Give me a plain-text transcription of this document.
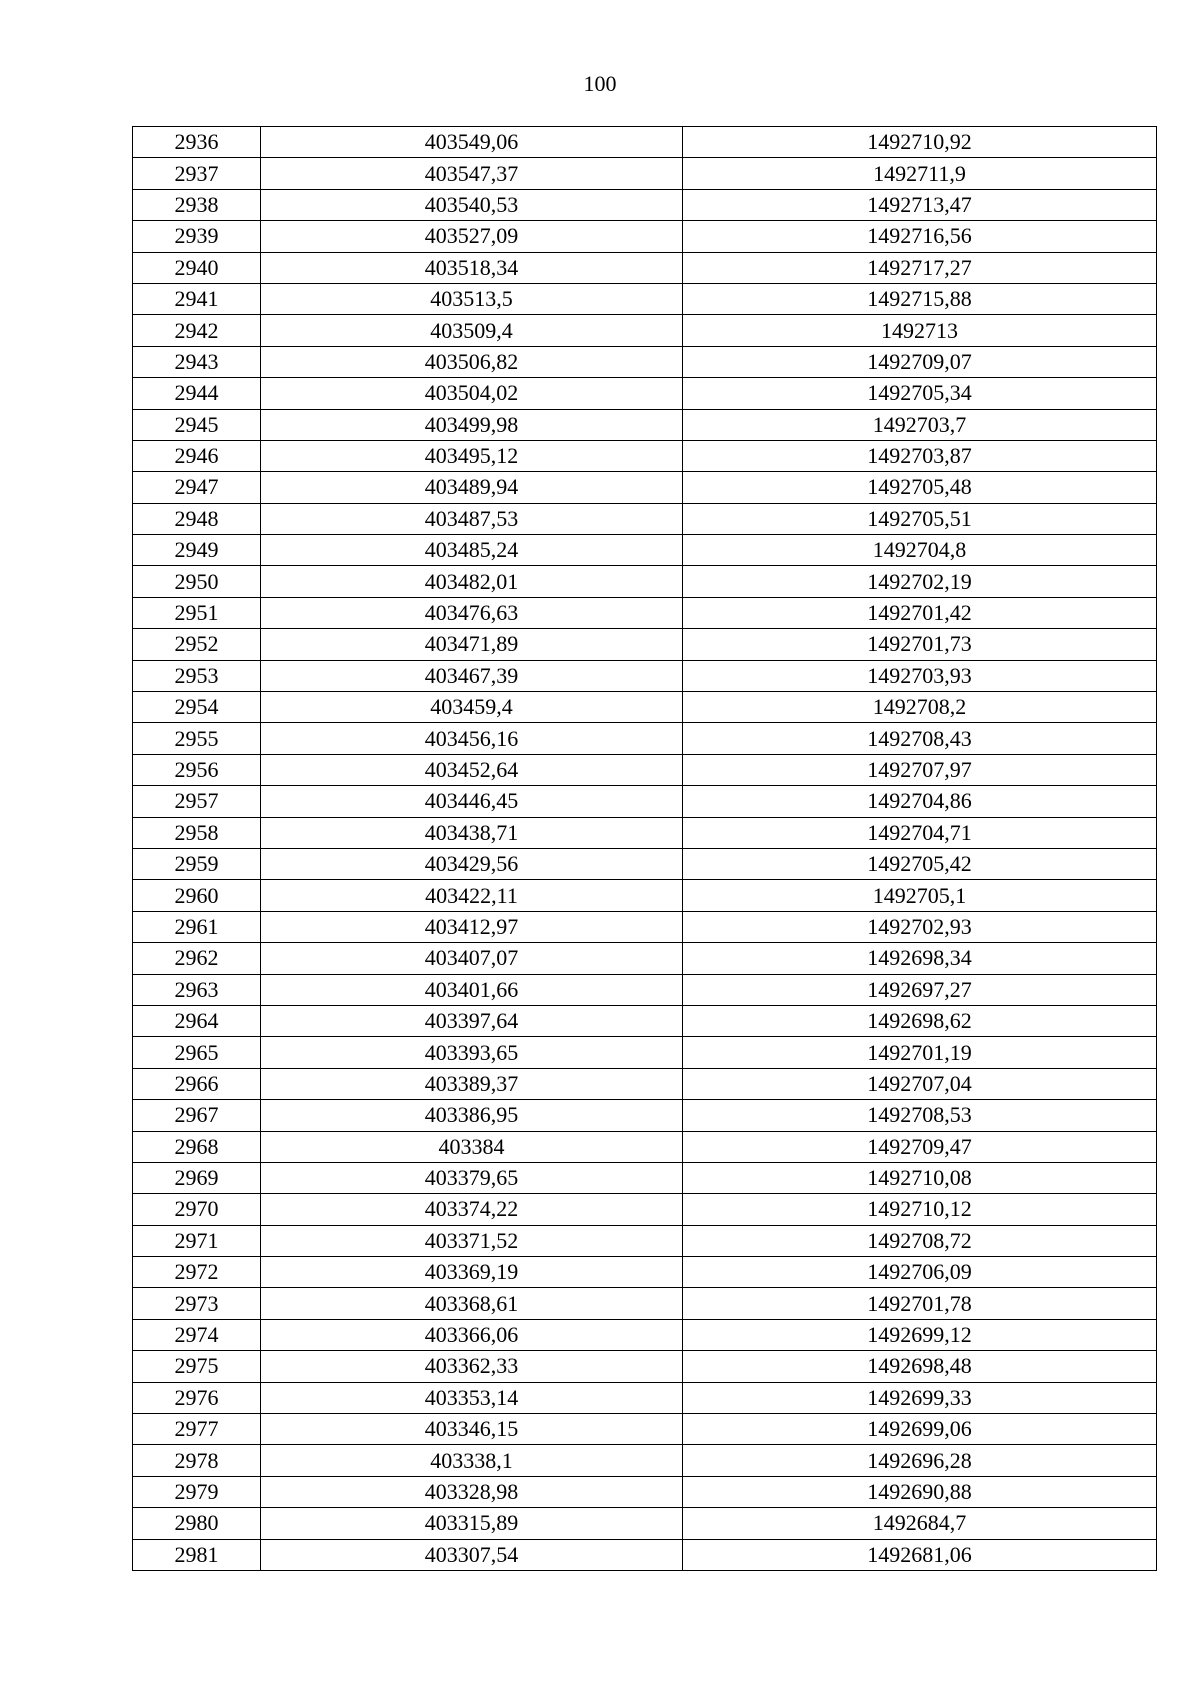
100
2936	403549,06	1492710,92
2937	403547,37	1492711,9
2938	403540,53	1492713,47
2939	403527,09	1492716,56
2940	403518,34	1492717,27
2941	403513,5	1492715,88
2942	403509,4	1492713
2943	403506,82	1492709,07
2944	403504,02	1492705,34
2945	403499,98	1492703,7
2946	403495,12	1492703,87
2947	403489,94	1492705,48
2948	403487,53	1492705,51
2949	403485,24	1492704,8
2950	403482,01	1492702,19
2951	403476,63	1492701,42
2952	403471,89	1492701,73
2953	403467,39	1492703,93
2954	403459,4	1492708,2
2955	403456,16	1492708,43
2956	403452,64	1492707,97
2957	403446,45	1492704,86
2958	403438,71	1492704,71
2959	403429,56	1492705,42
2960	403422,11	1492705,1
2961	403412,97	1492702,93
2962	403407,07	1492698,34
2963	403401,66	1492697,27
2964	403397,64	1492698,62
2965	403393,65	1492701,19
2966	403389,37	1492707,04
2967	403386,95	1492708,53
2968	403384	1492709,47
2969	403379,65	1492710,08
2970	403374,22	1492710,12
2971	403371,52	1492708,72
2972	403369,19	1492706,09
2973	403368,61	1492701,78
2974	403366,06	1492699,12
2975	403362,33	1492698,48
2976	403353,14	1492699,33
2977	403346,15	1492699,06
2978	403338,1	1492696,28
2979	403328,98	1492690,88
2980	403315,89	1492684,7
2981	403307,54	1492681,06
